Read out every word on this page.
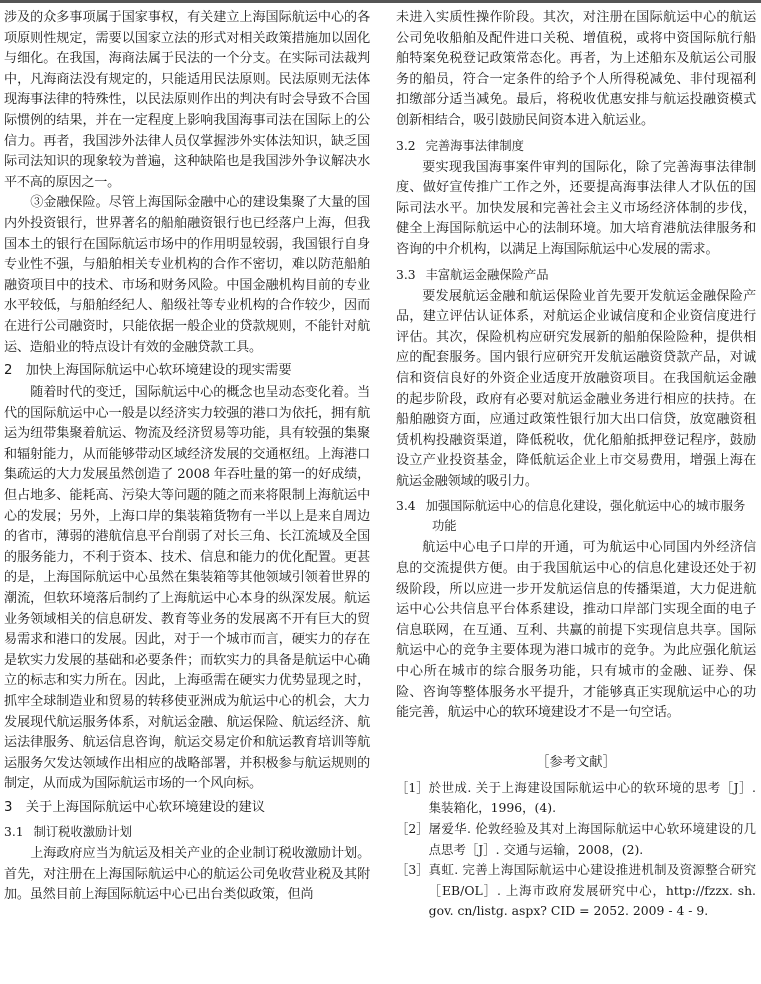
涉及的众多事项属于国家事权，有关建立上海国际航运中心的各项原则性规定，需要以国家立法的形式对相关政策措施加以固化与细化。在我国，海商法属于民法的一个分支。在实际司法裁判中，凡海商法没有规定的，只能适用民法原则。民法原则无法体现海事法律的特殊性，以民法原则作出的判决有时会导致不合国际惯例的结果，并在一定程度上影响我国海事司法在国际上的公信力。再者，我国涉外法律人员仅掌握涉外实体法知识，缺乏国际司法知识的现象较为普遍，这种缺陷也是我国涉外争议解决水平不高的原因之一。

③金融保险。尽管上海国际金融中心的建设集聚了大量的国内外投资银行，世界著名的船舶融资银行也已经落户上海，但我国本土的银行在国际航运市场中的作用明显较弱，我国银行自身专业性不强，与船舶相关专业机构的合作不密切，难以防范船舶融资项目中的技术、市场和财务风险。中国金融机构目前的专业水平较低，与船舶经纪人、船级社等专业机构的合作较少，因而在进行公司融资时，只能依据一般企业的贷款规则，不能针对航运、造船业的特点设计有效的金融贷款工具。

2　加快上海国际航运中心软环境建设的现实需要

随着时代的变迁，国际航运中心的概念也呈动态变化着。当代的国际航运中心一般是以经济实力较强的港口为依托，拥有航运为纽带集聚着航运、物流及经济贸易等功能，具有较强的集聚和辐射能力，从而能够带动区域经济发展的交通枢纽。上海港口集疏运的大力发展虽然创造了 2008 年吞吐量的第一的好成绩，但占地多、能耗高、污染大等问题的随之而来将限制上海航运中心的发展；另外，上海口岸的集装箱货物有一半以上是来自周边的省市，薄弱的港航信息平台削弱了对长三角、长江流域及全国的服务能力，不利于资本、技术、信息和能力的优化配置。更甚的是，上海国际航运中心虽然在集装箱等其他领域引领着世界的潮流，但软环境落后制约了上海航运中心本身的纵深发展。航运业务领域相关的信息研发、教育等业务的发展离不开有巨大的贸易需求和港口的发展。因此，对于一个城市而言，硬实力的存在是软实力发展的基础和必要条件；而软实力的具备是航运中心确立的标志和实力所在。因此，上海亟需在硬实力优势显现之时，抓牢全球制造业和贸易的转移使亚洲成为航运中心的机会，大力发展现代航运服务体系，对航运金融、航运保险、航运经济、航运法律服务、航运信息咨询，航运交易定价和航运教育培训等航运服务欠发达领域作出相应的战略部署，并积极参与航运规则的制定，从而成为国际航运市场的一个风向标。

3　关于上海国际航运中心软环境建设的建议
3.1 制订税收激励计划

上海政府应当为航运及相关产业的企业制订税收激励计划。首先，对注册在上海国际航运中心的航运公司免收营业税及其附加。虽然目前上海国际航运中心已出台类似政策，但尚

未进入实质性操作阶段。其次，对注册在国际航运中心的航运公司免收船舶及配件进口关税、增值税，或将中资国际航行船舶特案免税登记政策常态化。再者，为上述船东及航运公司服务的船员，符合一定条件的给予个人所得税减免、非付现福利扣缴部分适当减免。最后，将税收优惠安排与航运投融资模式创新相结合，吸引鼓励民间资本进入航运业。

3.2 完善海事法律制度

要实现我国海事案件审判的国际化，除了完善海事法律制度、做好宣传推广工作之外，还要提高海事法律人才队伍的国际司法水平。加快发展和完善社会主义市场经济体制的步伐，健全上海国际航运中心的法制环境。加大培育港航法律服务和咨询的中介机构，以满足上海国际航运中心发展的需求。

3.3 丰富航运金融保险产品

要发展航运金融和航运保险业首先要开发航运金融保险产品，建立评估认证体系，对航运企业诚信度和企业资信度进行评估。其次，保险机构应研究发展新的船舶保险险种，提供相应的配套服务。国内银行应研究开发航运融资贷款产品，对诚信和资信良好的外资企业适度开放融资项目。在我国航运金融的起步阶段，政府有必要对航运金融业务进行相应的扶持。在船舶融资方面，应通过政策性银行加大出口信贷，放宽融资租赁机构投融资渠道，降低税收，优化船舶抵押登记程序，鼓励设立产业投资基金，降低航运企业上市交易费用，增强上海在航运金融领域的吸引力。

3.4 加强国际航运中心的信息化建设，强化航运中心的城市服务功能

航运中心电子口岸的开通，可为航运中心同国内外经济信息的交流提供方便。由于我国航运中心的信息化建设还处于初级阶段，所以应进一步开发航运信息的传播渠道，大力促进航运中心公共信息平台体系建设，推动口岸部门实现全面的电子信息联网，在互通、互利、共赢的前提下实现信息共享。国际航运中心的竞争主要体现为港口城市的竞争。为此应强化航运中心所在城市的综合服务功能，只有城市的金融、证券、保险、咨询等整体服务水平提升，才能够真正实现航运中心的功能完善，航运中心的软环境建设才不是一句空话。

［参考文献］
［1］ 於世成. 关于上海建设国际航运中心的软环境的思考［J］. 集装箱化，1996，(4).
［2］ 屠爱华. 伦敦经验及其对上海国际航运中心软环境建设的几点思考［J］. 交通与运输，2008，(2).
［3］ 真虹. 完善上海国际航运中心建设推进机制及资源整合研究［EB/OL］. 上海市政府发展研究中心，http://fzzx. sh. gov. cn/listg. aspx? CID = 2052. 2009 - 4 - 9.
